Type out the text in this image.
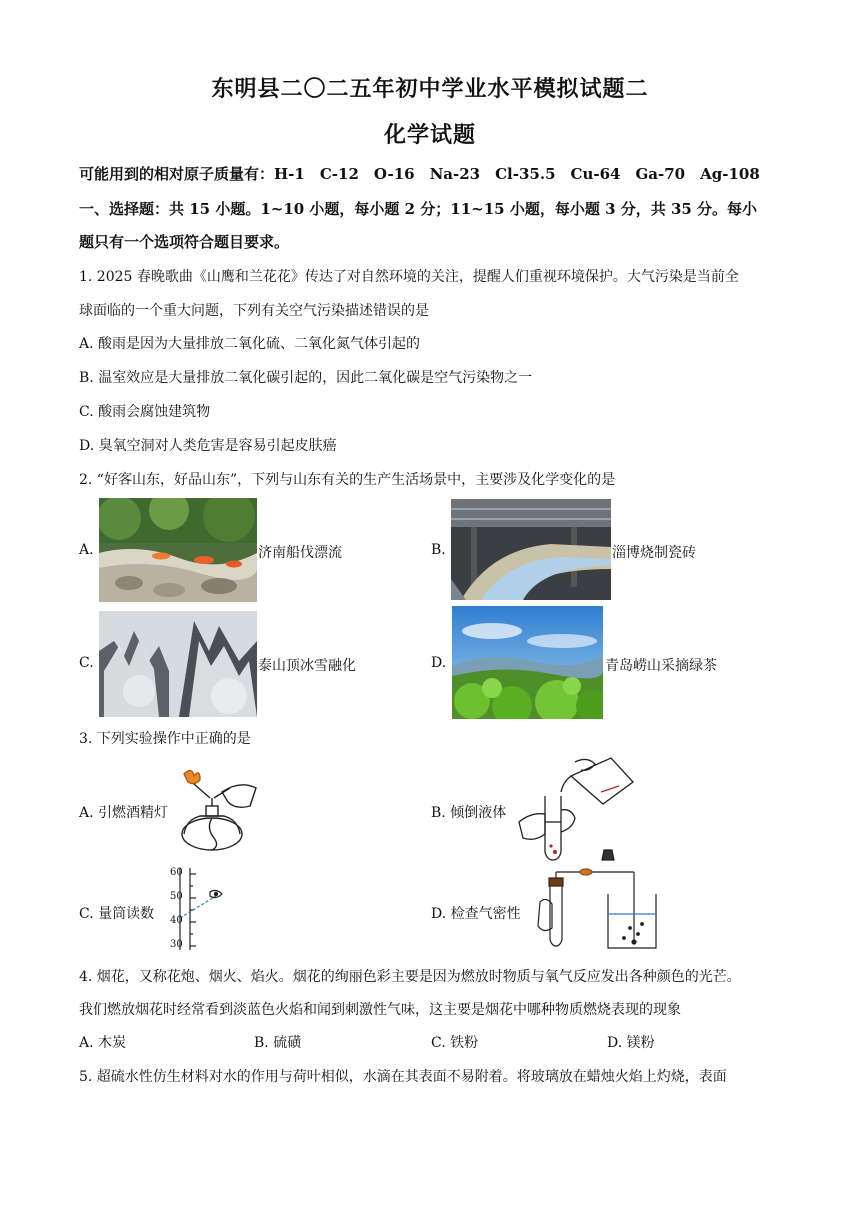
东明县二〇二五年初中学业水平模拟试题二
化学试题
可能用到的相对原子质量有：H-1　C-12　O-16　Na-23　Cl-35.5　Cu-64　Ga-70　Ag-108
一、选择题：共 15 小题。1~10 小题，每小题 2 分；11~15 小题，每小题 3 分，共 35 分。每小
题只有一个选项符合题目要求。
1. 2025 春晚歌曲《山鹰和兰花花》传达了对自然环境的关注，提醒人们重视环境保护。大气污染是当前全
球面临的一个重大问题，下列有关空气污染描述错误的是
A. 酸雨是因为大量排放二氧化硫、二氧化氮气体引起的
B. 温室效应是大量排放二氧化碳引起的，因此二氧化碳是空气污染物之一
C. 酸雨会腐蚀建筑物
D. 臭氧空洞对人类危害是容易引起皮肤癌
2. “好客山东，好品山东”，下列与山东有关的生产生活场景中，主要涉及化学变化的是
A.	济南船伐漂流	B.	淄博烧制瓷砖
C.	泰山顶冰雪融化	D.	青岛崂山采摘绿茶
3. 下列实验操作中正确的是
A. 引燃酒精灯	B. 倾倒液体
C. 量筒读数
60
50
40
30
D. 检查气密性
4. 烟花，又称花炮、烟火、焰火。烟花的绚丽色彩主要是因为燃放时物质与氧气反应发出各种颜色的光芒。
我们燃放烟花时经常看到淡蓝色火焰和闻到刺激性气味，这主要是烟花中哪种物质燃烧表现的现象
A. 木炭	B. 硫磺	C. 铁粉	D. 镁粉
5. 超硫水性仿生材料对水的作用与荷叶相似，水滴在其表面不易附着。将玻璃放在蜡烛火焰上灼烧，表面
